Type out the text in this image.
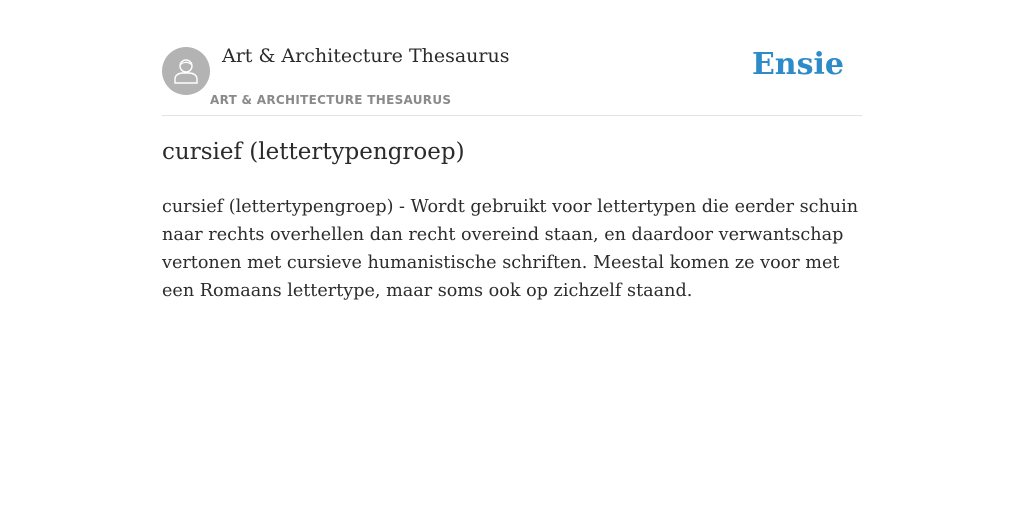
Art & Architecture Thesaurus
ART & ARCHITECTURE THESAURUS
Ensie
cursief (lettertypengroep)

cursief (lettertypengroep) - Wordt gebruikt voor lettertypen die eerder schuin naar rechts overhellen dan recht overeind staan, en daardoor verwantschap vertonen met cursieve humanistische schriften. Meestal komen ze voor met een Romaans lettertype, maar soms ook op zichzelf staand.
